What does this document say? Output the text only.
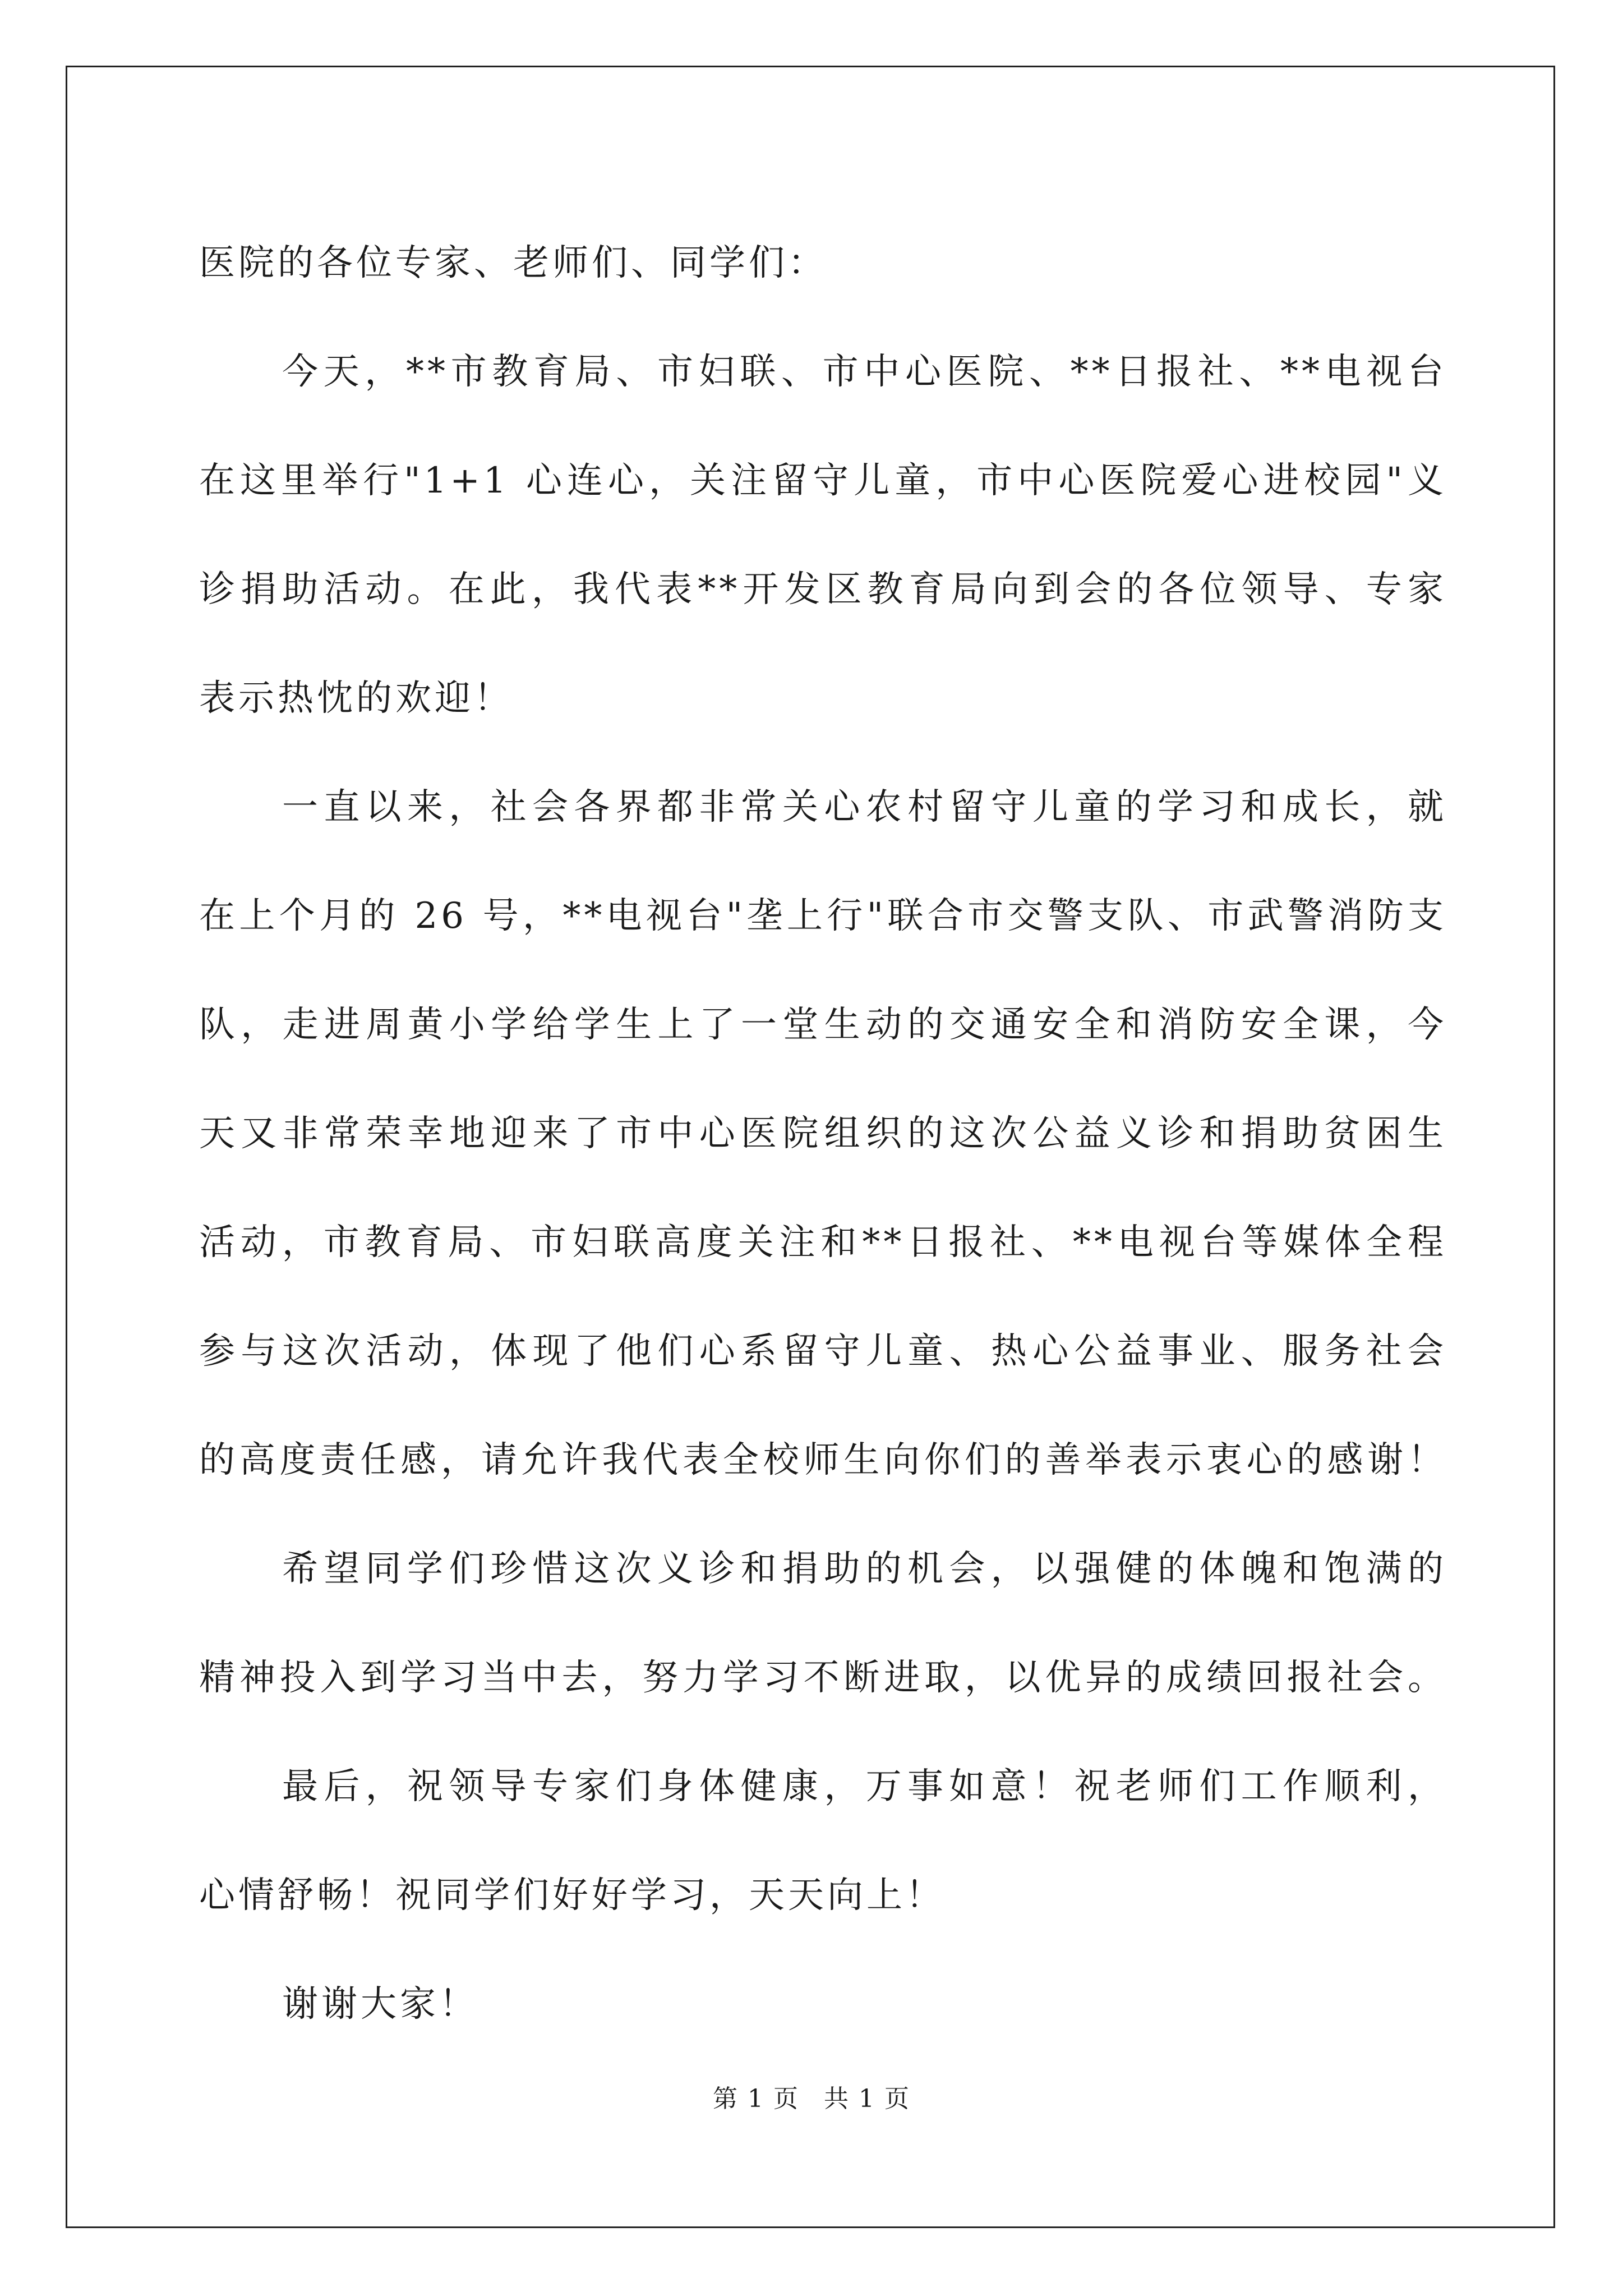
医院的各位专家、老师们、同学们：
今天，**市教育局、市妇联、市中心医院、**日报社、**电视台
在这里举行"1+1 心连心，关注留守儿童，市中心医院爱心进校园"义
诊捐助活动。在此，我代表**开发区教育局向到会的各位领导、专家
表示热忱的欢迎！
一直以来，社会各界都非常关心农村留守儿童的学习和成长，就
在上个月的 26 号，**电视台"垄上行"联合市交警支队、市武警消防支
队，走进周黄小学给学生上了一堂生动的交通安全和消防安全课，今
天又非常荣幸地迎来了市中心医院组织的这次公益义诊和捐助贫困生
活动，市教育局、市妇联高度关注和**日报社、**电视台等媒体全程
参与这次活动，体现了他们心系留守儿童、热心公益事业、服务社会
的高度责任感，请允许我代表全校师生向你们的善举表示衷心的感谢！
希望同学们珍惜这次义诊和捐助的机会，以强健的体魄和饱满的
精神投入到学习当中去，努力学习不断进取，以优异的成绩回报社会。
最后，祝领导专家们身体健康，万事如意！祝老师们工作顺利，
心情舒畅！祝同学们好好学习，天天向上！
谢谢大家！
第 1 页 共 1 页
